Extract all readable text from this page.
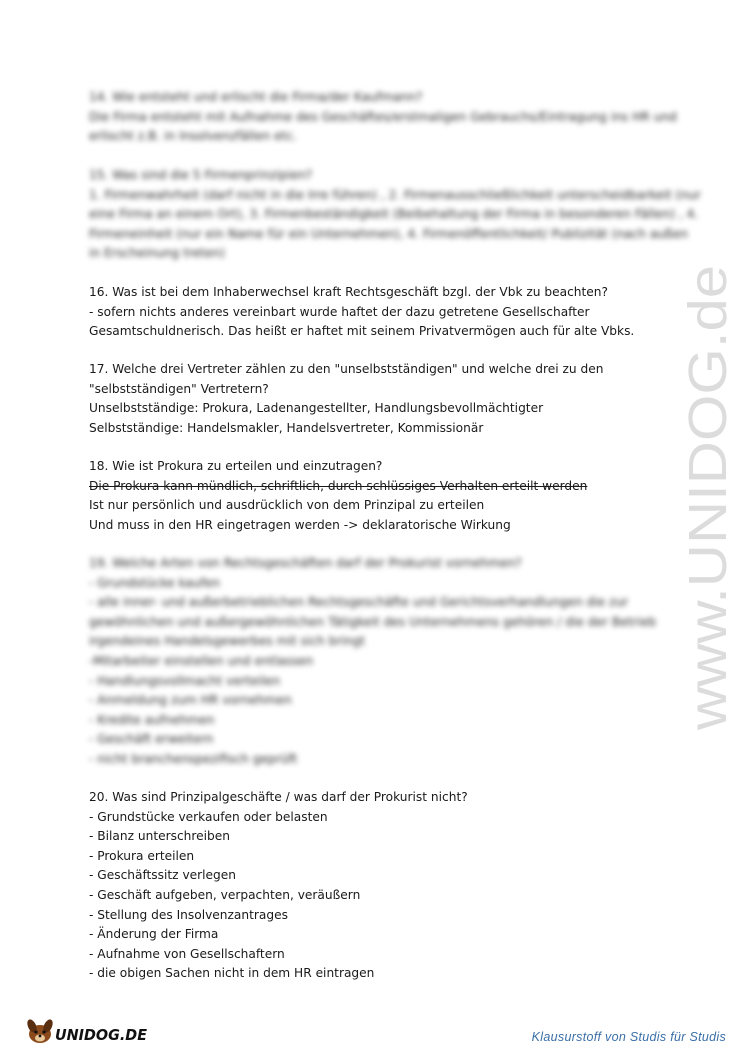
14. Wie entsteht und erlischt die Firma/der Kaufmann?
Die Firma entsteht mit Aufnahme des Geschäftes/erstmaligen Gebrauchs/Eintragung ins HR und
erlischt z.B. in Insolvenzfällen etc.
15. Was sind die 5 Firmenprinzipien?
1. Firmenwahrheit (darf nicht in die Irre führen) , 2. Firmenausschließlichkeit unterscheidbarkeit (nur
eine Firma an einem Ort), 3. Firmenbeständigkeit (Beibehaltung der Firma in besonderen Fällen) , 4.
Firmeneinheit (nur ein Name für ein Unternehmen), 4. Firmenöffentlichkeit/ Publizität (nach außen
in Erscheinung treten)
16. Was ist bei dem Inhaberwechsel kraft Rechtsgeschäft bzgl. der Vbk zu beachten?
- sofern nichts anderes vereinbart wurde haftet der dazu getretene Gesellschafter
Gesamtschuldnerisch. Das heißt er haftet mit seinem Privatvermögen auch für alte Vbks.
17. Welche drei Vertreter zählen zu den "unselbstständigen" und welche drei zu den
"selbstständigen" Vertretern?
Unselbstständige: Prokura, Ladenangestellter, Handlungsbevollmächtigter
Selbstständige: Handelsmakler, Handelsvertreter, Kommissionär
18. Wie ist Prokura zu erteilen und einzutragen?
Die Prokura kann mündlich, schriftlich, durch schlüssiges Verhalten erteilt werden
Ist nur persönlich und ausdrücklich von dem Prinzipal zu erteilen
Und muss in den HR eingetragen werden -> deklaratorische Wirkung
19. Welche Arten von Rechtsgeschäften darf der Prokurist vornehmen?
- Grundstücke kaufen
- alle inner- und außerbetrieblichen Rechtsgeschäfte und Gerichtsverhandlungen die zur
gewöhnlichen und außergewöhnlichen Tätigkeit des Unternehmens gehören / die der Betrieb
irgendeines Handelsgewerbes mit sich bringt
-Mitarbeiter einstellen und entlassen
- Handlungsvollmacht verteilen
- Anmeldung zum HR vornehmen
- Kredite aufnehmen
- Geschäft erweitern
- nicht branchenspezifisch geprüft
20. Was sind Prinzipalgeschäfte / was darf der Prokurist nicht?
- Grundstücke verkaufen oder belasten
- Bilanz unterschreiben
- Prokura erteilen
- Geschäftssitz verlegen
- Geschäft aufgeben, verpachten, veräußern
- Stellung des Insolvenzantrages
- Änderung der Firma
- Aufnahme von Gesellschaftern
- die obigen Sachen nicht in dem HR eintragen
www.UNIDOG.de
UNIDOG.DE	Klausurstoff von Studis für Studis
